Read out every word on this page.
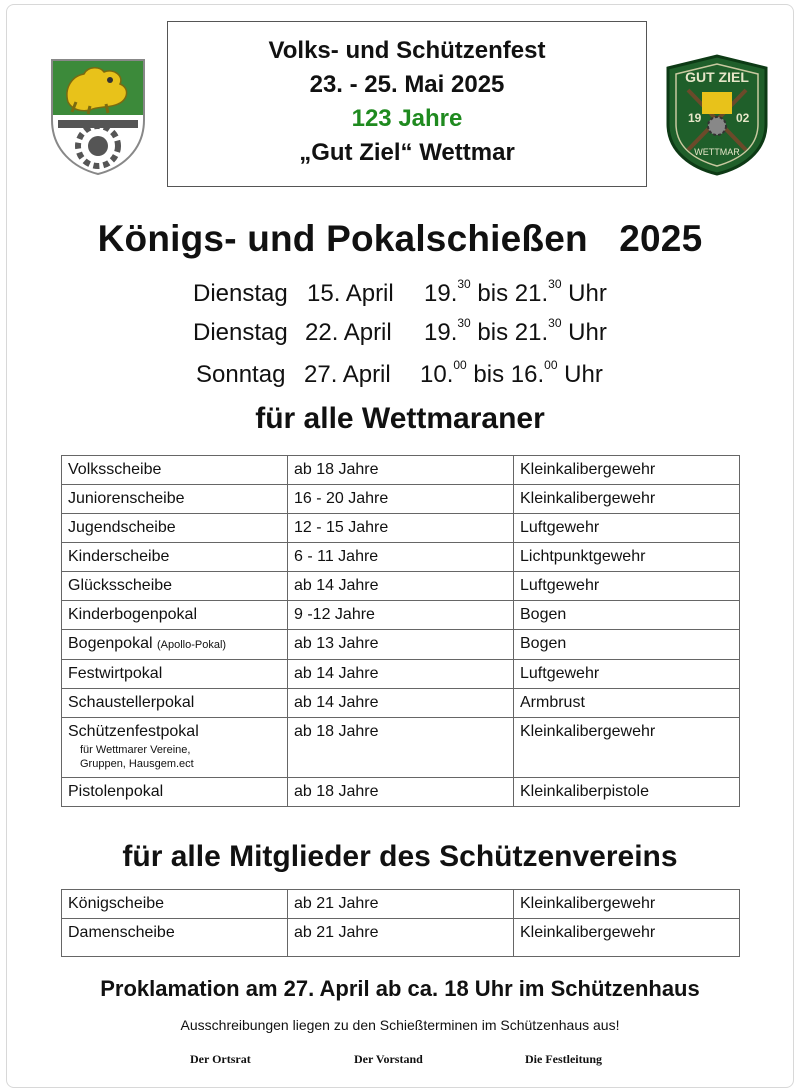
Volks- und Schützenfest
23. - 25. Mai 2025
123 Jahre
„Gut Ziel“ Wettmar
GUT ZIEL
19	02
WETTMAR
Königs- und Pokalschießen   2025
Dienstag 15. April 19.30 bis 21.30 Uhr
Dienstag 22. April 19.30 bis 21.30 Uhr
Sonntag 27. April 10.00 bis 16.00 Uhr
für alle Wettmaraner
Volksscheibe	ab 18 Jahre	Kleinkalibergewehr
Juniorenscheibe	16 - 20 Jahre	Kleinkalibergewehr
Jugendscheibe	12 - 15 Jahre	Luftgewehr
Kinderscheibe	6 - 11 Jahre	Lichtpunktgewehr
Glücksscheibe	ab 14 Jahre	Luftgewehr
Kinderbogenpokal	9 -12 Jahre	Bogen
Bogenpokal (Apollo-Pokal)	ab 13 Jahre	Bogen
Festwirtpokal	ab 14 Jahre	Luftgewehr
Schaustellerpokal	ab 14 Jahre	Armbrust
Schützenfestpokal
für Wettmarer Vereine,
Gruppen, Hausgem.ect	ab 18 Jahre	Kleinkalibergewehr
Pistolenpokal	ab 18 Jahre	Kleinkaliberpistole
für alle Mitglieder des Schützenvereins
Königscheibe	ab 21 Jahre	Kleinkalibergewehr
Damenscheibe	ab 21 Jahre	Kleinkalibergewehr
Proklamation am 27. April ab ca. 18 Uhr im Schützenhaus
Ausschreibungen liegen zu den Schießterminen im Schützenhaus aus!
Der Ortsrat	Der Vorstand	Die Festleitung
